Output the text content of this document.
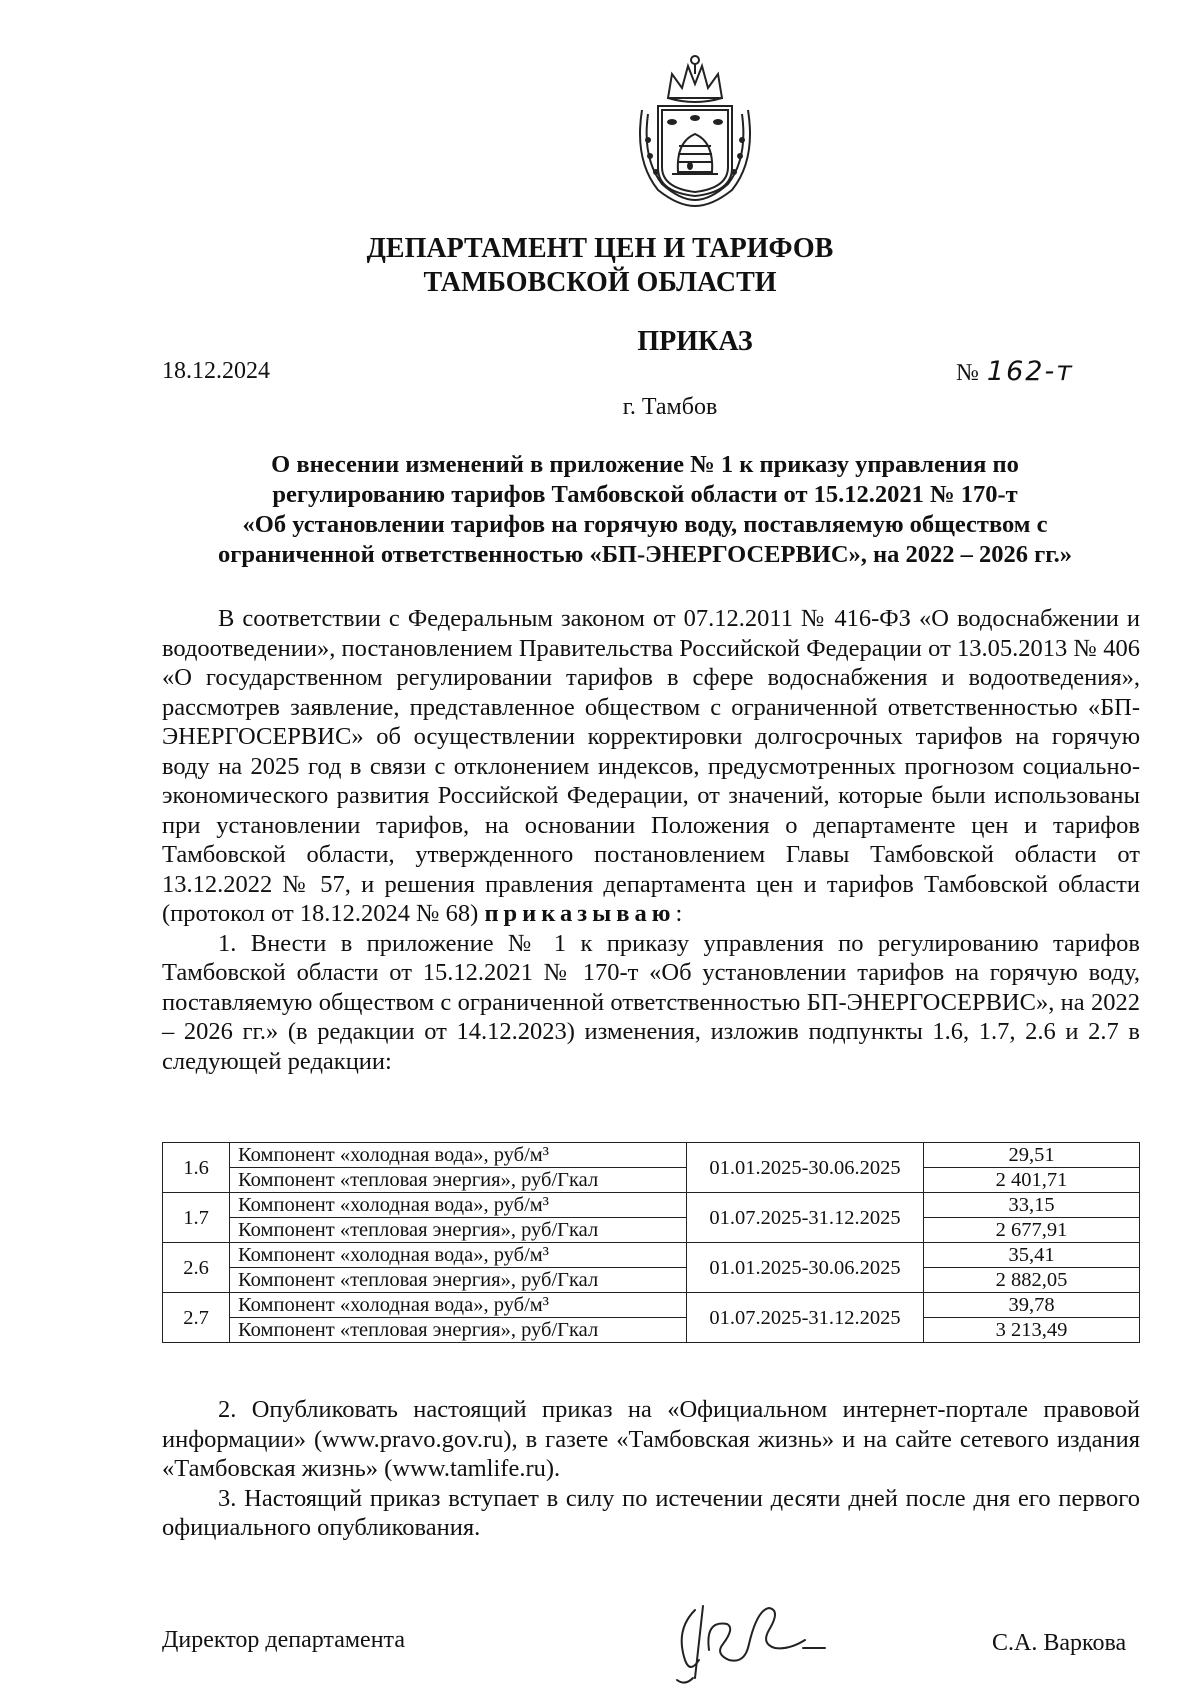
ДЕПАРТАМЕНТ ЦЕН И ТАРИФОВ
ТАМБОВСКОЙ ОБЛАСТИ
ПРИКАЗ
18.12.2024	№ 162-т
г. Тамбов
О внесении изменений в приложение № 1 к приказу управления по
регулированию тарифов Тамбовской области от 15.12.2021 № 170-т
«Об установлении тарифов на горячую воду, поставляемую обществом с
ограниченной ответственностью «БП-ЭНЕРГОСЕРВИС», на 2022 – 2026 гг.»

В соответствии с Федеральным законом от 07.12.2011 № 416-ФЗ «О водоснабжении и водоотведении», постановлением Правительства Российской Федерации от 13.05.2013 № 406 «О государственном регулировании тарифов в сфере водоснабжения и водоотведения», рассмотрев заявление, представленное обществом с ограниченной ответственностью «БП-ЭНЕРГОСЕРВИС» об осуществлении корректировки долгосрочных тарифов на горячую воду на 2025 год в связи с отклонением индексов, предусмотренных прогнозом социально-экономического развития Российской Федерации, от значений, которые были использованы при установлении тарифов, на основании Положения о департаменте цен и тарифов Тамбовской области, утвержденного постановлением Главы Тамбовской области от 13.12.2022 № 57, и решения правления департамента цен и тарифов Тамбовской области (протокол от 18.12.2024 № 68) приказываю:

1. Внести в приложение № 1 к приказу управления по регулированию тарифов Тамбовской области от 15.12.2021 № 170-т «Об установлении тарифов на горячую воду, поставляемую обществом с ограниченной ответственностью БП-ЭНЕРГОСЕРВИС», на 2022 – 2026 гг.» (в редакции от 14.12.2023) изменения, изложив подпункты 1.6, 1.7, 2.6 и 2.7 в следующей редакции:

1.6	Компонент «холодная вода», руб/м³	01.01.2025-30.06.2025	29,51
	Компонент «тепловая энергия», руб/Гкал		2 401,71
1.7	Компонент «холодная вода», руб/м³	01.07.2025-31.12.2025	33,15
	Компонент «тепловая энергия», руб/Гкал		2 677,91
2.6	Компонент «холодная вода», руб/м³	01.01.2025-30.06.2025	35,41
	Компонент «тепловая энергия», руб/Гкал		2 882,05
2.7	Компонент «холодная вода», руб/м³	01.07.2025-31.12.2025	39,78
	Компонент «тепловая энергия», руб/Гкал		3 213,49

2. Опубликовать настоящий приказ на «Официальном интернет-портале правовой информации» (www.pravo.gov.ru), в газете «Тамбовская жизнь» и на сайте сетевого издания «Тамбовская жизнь» (www.tamlife.ru).

3. Настоящий приказ вступает в силу по истечении десяти дней после дня его первого официального опубликования.

Директор департамента	С.А. Варкова
